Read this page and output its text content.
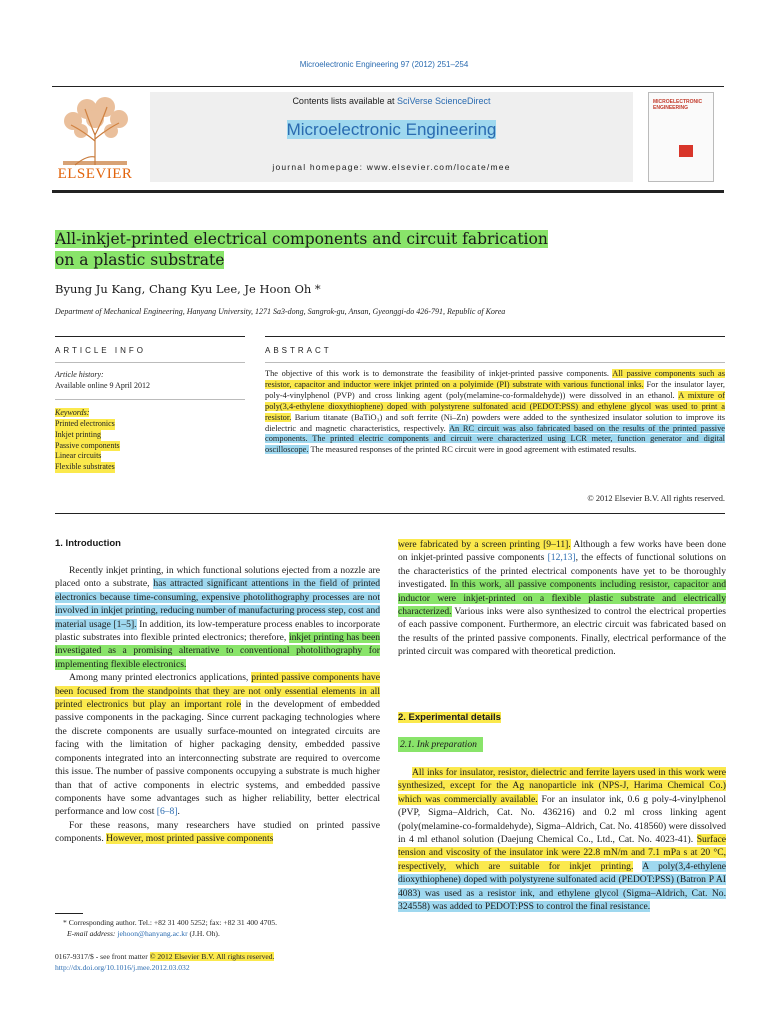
Microelectronic Engineering 97 (2012) 251–254
ELSEVIER
Contents lists available at SciVerse ScienceDirect
Microelectronic Engineering
journal homepage: www.elsevier.com/locate/mee
MICROELECTRONIC ENGINEERING
All-inkjet-printed electrical components and circuit fabrication
on a plastic substrate
Byung Ju Kang, Chang Kyu Lee, Je Hoon Oh *
Department of Mechanical Engineering, Hanyang University, 1271 Sa3-dong, Sangrok-gu, Ansan, Gyeonggi-do 426-791, Republic of Korea
ARTICLE INFO	ABSTRACT
Article history:
Available online 9 April 2012
Keywords:
Printed electronics
Inkjet printing
Passive components
Linear circuits
Flexible substrates
The objective of this work is to demonstrate the feasibility of inkjet-printed passive components. All passive components such as resistor, capacitor and inductor were inkjet printed on a polyimide (PI) substrate with various functional inks. For the insulator layer, poly-4-vinylphenol (PVP) and cross linking agent (poly(melamine-co-formaldehyde)) were dissolved in an ethanol. A mixture of poly(3,4-ethylene dioxythiophene) doped with polystyrene sulfonated acid (PEDOT:PSS) and ethylene glycol was used to print a resistor. Barium titanate (BaTiO₃) and soft ferrite (Ni–Zn) powders were added to the synthesized insulator solution to improve its dielectric and magnetic characteristics, respectively. An RC circuit was also fabricated based on the results of the printed passive components. The printed electric components and circuit were characterized using LCR meter, function generator and digital oscilloscope. The measured responses of the printed RC circuit were in good agreement with estimated results.
© 2012 Elsevier B.V. All rights reserved.
1. Introduction

Recently inkjet printing, in which functional solutions ejected from a nozzle are placed onto a substrate, has attracted significant attentions in the field of printed electronics because time-consuming, expensive photolithography processes are not involved in inkjet printing, reducing number of manufacturing process step, cost and material usage [1–5]. In addition, its low-temperature process enables to incorporate plastic substrates into flexible printed electronics; therefore, inkjet printing has been investigated as a promising alternative to conventional photolithography for implementing flexible electronics.

Among many printed electronics applications, printed passive components have been focused from the standpoints that they are not only essential elements in all printed electronics but play an important role in the development of embedded passive components in the packaging. Since current packaging technologies where the discrete components are usually surface-mounted on integrated circuits are facing with the limitation of higher packaging density, embedded passive components integrated into an interconnecting substrate are required to overcome this issue. The number of passive components occupying a substrate is much higher than that of active components in electric systems, and embedded passive components have some advantages such as higher reliability, better electrical performance and low cost [6–8].

For these reasons, many researchers have studied on printed passive components. However, most printed passive components

were fabricated by a screen printing [9–11]. Although a few works have been done on inkjet-printed passive components [12,13], the effects of functional solutions on the characteristics of the printed electrical components have yet to be thoroughly investigated. In this work, all passive components including resistor, capacitor and inductor were inkjet-printed on a flexible plastic substrate and electrically characterized. Various inks were also synthesized to control the electrical properties of each passive component. Furthermore, an electric circuit was fabricated based on the results of the printed passive components. Finally, electrical performance of the printed circuit was compared with theoretical prediction.

2. Experimental details
2.1. Ink preparation

All inks for insulator, resistor, dielectric and ferrite layers used in this work were synthesized, except for the Ag nanoparticle ink (NPS-J, Harima Chemical Co.) which was commercially available. For an insulator ink, 0.6 g poly-4-vinylphenol (PVP, Sigma–Aldrich, Cat. No. 436216) and 0.2 ml cross linking agent (poly(melamine-co-formaldehyde), Sigma–Aldrich, Cat. No. 418560) were dissolved in 4 ml ethanol solution (Daejung Chemical Co., Ltd., Cat. No. 4023-41). Surface tension and viscosity of the insulator ink were 22.8 mN/m and 7.1 mPa s at 20 °C, respectively, which are suitable for inkjet printing. A poly(3,4-ethylene dioxythiophene) doped with polystyrene sulfonated acid (PEDOT:PSS) (Batron P AI 4083) was used as a resistor ink, and ethylene glycol (Sigma–Aldrich, Cat. No. 324558) was added to PEDOT:PSS to control the final resistance.

* Corresponding author. Tel.: +82 31 400 5252; fax: +82 31 400 4705.
E-mail address: jehoon@hanyang.ac.kr (J.H. Oh).
0167-9317/$ - see front matter © 2012 Elsevier B.V. All rights reserved.
http://dx.doi.org/10.1016/j.mee.2012.03.032
